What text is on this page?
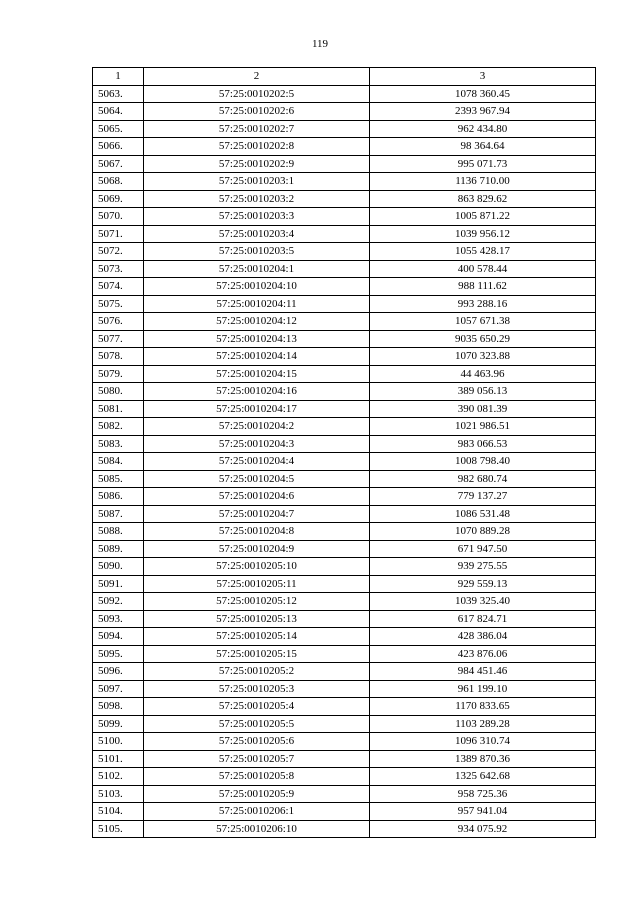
119
1	2	3
5063.	57:25:0010202:5	1078 360.45
5064.	57:25:0010202:6	2393 967.94
5065.	57:25:0010202:7	962 434.80
5066.	57:25:0010202:8	98 364.64
5067.	57:25:0010202:9	995 071.73
5068.	57:25:0010203:1	1136 710.00
5069.	57:25:0010203:2	863 829.62
5070.	57:25:0010203:3	1005 871.22
5071.	57:25:0010203:4	1039 956.12
5072.	57:25:0010203:5	1055 428.17
5073.	57:25:0010204:1	400 578.44
5074.	57:25:0010204:10	988 111.62
5075.	57:25:0010204:11	993 288.16
5076.	57:25:0010204:12	1057 671.38
5077.	57:25:0010204:13	9035 650.29
5078.	57:25:0010204:14	1070 323.88
5079.	57:25:0010204:15	44 463.96
5080.	57:25:0010204:16	389 056.13
5081.	57:25:0010204:17	390 081.39
5082.	57:25:0010204:2	1021 986.51
5083.	57:25:0010204:3	983 066.53
5084.	57:25:0010204:4	1008 798.40
5085.	57:25:0010204:5	982 680.74
5086.	57:25:0010204:6	779 137.27
5087.	57:25:0010204:7	1086 531.48
5088.	57:25:0010204:8	1070 889.28
5089.	57:25:0010204:9	671 947.50
5090.	57:25:0010205:10	939 275.55
5091.	57:25:0010205:11	929 559.13
5092.	57:25:0010205:12	1039 325.40
5093.	57:25:0010205:13	617 824.71
5094.	57:25:0010205:14	428 386.04
5095.	57:25:0010205:15	423 876.06
5096.	57:25:0010205:2	984 451.46
5097.	57:25:0010205:3	961 199.10
5098.	57:25:0010205:4	1170 833.65
5099.	57:25:0010205:5	1103 289.28
5100.	57:25:0010205:6	1096 310.74
5101.	57:25:0010205:7	1389 870.36
5102.	57:25:0010205:8	1325 642.68
5103.	57:25:0010205:9	958 725.36
5104.	57:25:0010206:1	957 941.04
5105.	57:25:0010206:10	934 075.92
